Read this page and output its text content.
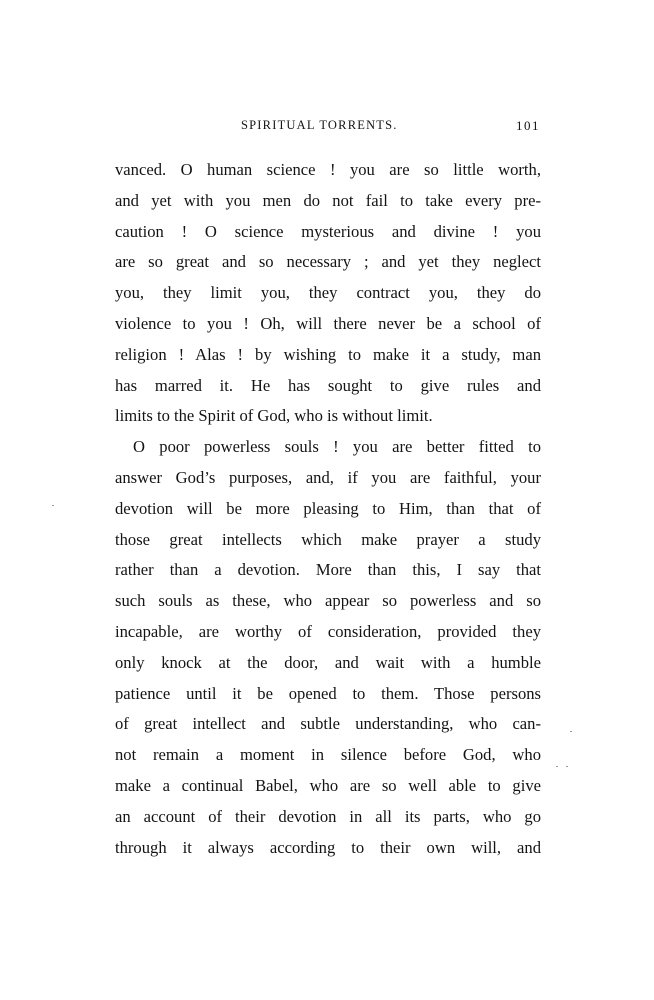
SPIRITUAL TORRENTS.	101
vanced. O human science ! you are so little worth,
and yet with you men do not fail to take every pre-
caution ! O science mysterious and divine ! you
are so great and so necessary ; and yet they neglect
you, they limit you, they contract you, they do
violence to you ! Oh, will there never be a school of
religion ! Alas ! by wishing to make it a study, man
has marred it. He has sought to give rules and
limits to the Spirit of God, who is without limit.
O poor powerless souls ! you are better fitted to
answer God’s purposes, and, if you are faithful, your
devotion will be more pleasing to Him, than that of
those great intellects which make prayer a study
rather than a devotion. More than this, I say that
such souls as these, who appear so powerless and so
incapable, are worthy of consideration, provided they
only knock at the door, and wait with a humble
patience until it be opened to them. Those persons
of great intellect and subtle understanding, who can-
not remain a moment in silence before God, who
make a continual Babel, who are so well able to give
an account of their devotion in all its parts, who go
through it always according to their own will, and
